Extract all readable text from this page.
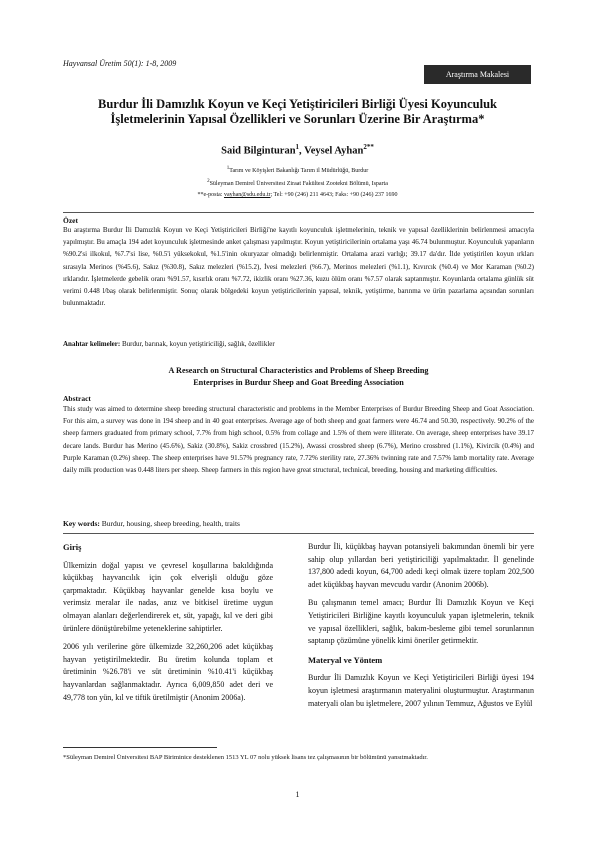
Hayvansal Üretim 50(1): 1-8, 2009
Araştırma Makalesi
Burdur İli Damızlık Koyun ve Keçi Yetiştiricileri Birliği Üyesi Koyunculuk
İşletmelerinin Yapısal Özellikleri ve Sorunları Üzerine Bir Araştırma*
Said Bilginturan$^1$, Veysel Ayhan$^{2**}$
$^1$Tarım ve Köyişleri Bakanlığı Tarım il Müdürlüğü, Burdur
$^2$Süleyman Demirel Üniversitesi Ziraat Fakültesi Zootekni Bölümü, Isparta
**e-posta: vayhan@sdu.edu.tr; Tel: +90 (246) 211 4643; Faks: +90 (246) 237 1690
Özet
Bu araştırma Burdur İli Damızlık Koyun ve Keçi Yetiştiricileri Birliği'ne kayıtlı koyunculuk işletmelerinin, teknik ve yapısal özelliklerinin belirlenmesi amacıyla yapılmıştır. Bu amaçla 194 adet koyunculuk işletmesinde anket çalışması yapılmıştır. Koyun yetiştiricilerinin ortalama yaşı 46.74 bulunmuştur. Koyunculuk yapanların %90.2'si ilkokul, %7.7'si lise, %0.5'i yüksekokul, %1.5'inin okuryazar olmadığı belirlenmiştir. Ortalama arazi varlığı; 39.17 da'dır. İlde yetiştirilen koyun ırkları sırasıyla Merinos (%45.6), Sakız (%30.8), Sakız melezleri (%15.2), İvesi melezleri (%6.7), Merinos melezleri (%1.1), Kıvırcık (%0.4) ve Mor Karaman (%0.2) ırklarıdır. İşletmelerde gebelik oranı %91.57, kısırlık oranı %7.72, ikizlik oranı %27.36, kuzu ölüm oranı %7.57 olarak saptanmıştır. Koyunlarda ortalama günlük süt verimi 0.448 l/baş olarak belirlenmiştir. Sonuç olarak bölgedeki koyun yetiştiricilerinin yapısal, teknik, yetiştirme, barınma ve ürün pazarlama açısından sorunları bulunmaktadır.
Anahtar kelimeler: Burdur, barınak, koyun yetiştiriciliği, sağlık, özellikler
A Research on Structural Characteristics and Problems of Sheep Breeding
Enterprises in Burdur Sheep and Goat Breeding Association
Abstract
This study was aimed to determine sheep breeding structural characteristic and problems in the Member Enterprises of Burdur Breeding Sheep and Goat Association. For this aim, a survey was done in 194 sheep and in 40 goat enterprises. Average age of both sheep and goat farmers were 46.74 and 50.30, respectively. 90.2% of the sheep farmers graduated from primary school, 7.7% from high school, 0.5% from collage and 1.5% of them were illiterate. On average, sheep enterprises have 39.17 decare lands. Burdur has Merino (45.6%), Sakiz (30.8%), Sakiz crossbred (15.2%), Awassi crossbred sheep (6.7%), Merino crossbred (1.1%), Kivircik (0.4%) and Purple Karaman (0.2%) sheep. The sheep enterprises have 91.57% pregnancy rate, 7.72% sterility rate, 27.36% twinning rate and 7.57% lamb mortality rate. Average daily milk production was 0.448 liters per sheep. Sheep farmers in this region have great structural, technical, breeding, housing and marketing difficulties.
Key words: Burdur, housing, sheep breeding, health, traits
Giriş

Ülkemizin doğal yapısı ve çevresel koşullarına bakıldığında küçükbaş hayvancılık için çok elverişli olduğu göze çarpmaktadır. Küçükbaş hayvanlar genelde kısa boylu ve verimsiz meralar ile nadas, anız ve bitkisel üretime uygun olmayan alanları değerlendirerek et, süt, yapağı, kıl ve deri gibi ürünlere dönüştürebilme yeteneklerine sahiptirler.

2006 yılı verilerine göre ülkemizde 32,260,206 adet küçükbaş hayvan yetiştirilmektedir. Bu üretim kolunda toplam et üretiminin %26.78'i ve süt üretiminin %10.41'i küçükbaş hayvanlardan sağlanmaktadır. Ayrıca 6,009,850 adet deri ve 49,778 ton yün, kıl ve tiftik üretilmiştir (Anonim 2006a).

Burdur İli, küçükbaş hayvan potansiyeli bakımından önemli bir yere sahip olup yıllardan beri yetiştiriciliği yapılmaktadır. İl genelinde 137,800 adedi koyun, 64,700 adedi keçi olmak üzere toplam 202,500 adet küçükbaş hayvan mevcudu vardır (Anonim 2006b).

Bu çalışmanın temel amacı; Burdur İli Damızlık Koyun ve Keçi Yetiştiricileri Birliğine kayıtlı koyunculuk yapan işletmelerin, teknik ve yapısal özellikleri, sağlık, bakım-besleme gibi temel sorunlarının saptanıp çözümüne yönelik kimi öneriler getirmektir.

Materyal ve Yöntem

Burdur İli Damızlık Koyun ve Keçi Yetiştiricileri Birliği üyesi 194 koyun işletmesi araştırmanın materyalini oluşturmuştur. Araştırmanın materyali olan bu işletmelere, 2007 yılının Temmuz, Ağustos ve Eylül

*Süleyman Demirel Üniversitesi BAP Biriminice desteklenen 1513 YL 07 nolu yüksek lisans tez çalışmasının bir bölümünü yansıtmaktadır.
1
